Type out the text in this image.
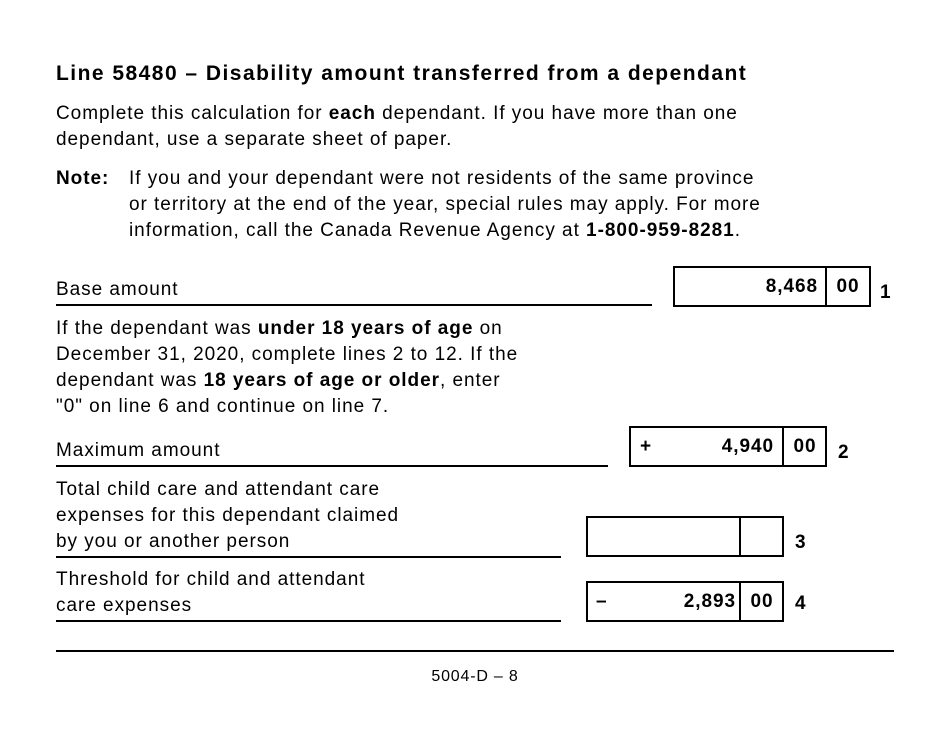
Line 58480 – Disability amount transferred from a dependant
Complete this calculation for each dependant. If you have more than one
dependant, use a separate sheet of paper.
Note: If you and your dependant were not residents of the same province
or territory at the end of the year, special rules may apply. For more
information, call the Canada Revenue Agency at 1-800-959-8281.
Base amount	8,468 00	1
If the dependant was under 18 years of age on
December 31, 2020, complete lines 2 to 12. If the
dependant was 18 years of age or older, enter
"0" on line 6 and continue on line 7.
Maximum amount	+	4,940	00	2
Total child care and attendant care
expenses for this dependant claimed
by you or another person	3
Threshold for child and attendant
care expenses	–	2,893 00	4
5004-D – 8
